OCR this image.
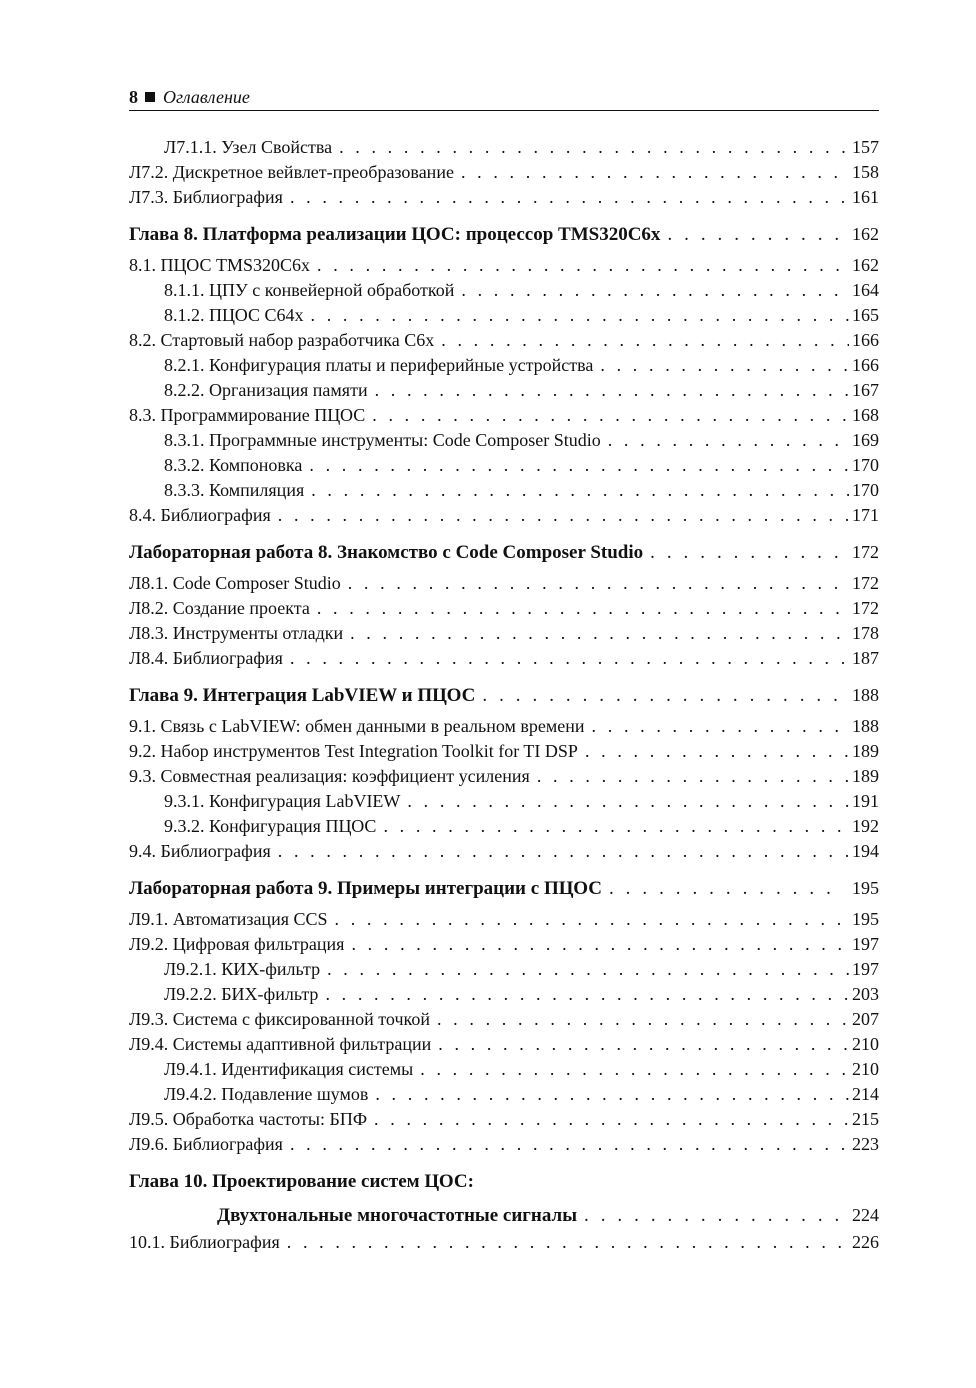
8 Оглавление
Л7.1.1. Узел Свойства . . .	157
Л7.2. Дискретное вейвлет-преобразование . . .	158
Л7.3. Библиография . . .	161
Глава 8. Платформа реализации ЦОС: процессор TMS320C6x . . .	162
8.1. ПЦОС TMS320C6x . . .	162
8.1.1. ЦПУ с конвейерной обработкой . . .	164
8.1.2. ПЦОС C64x . . .	165
8.2. Стартовый набор разработчика C6x . . .	166
8.2.1. Конфигурация платы и периферийные устройства . . .	166
8.2.2. Организация памяти . . .	167
8.3. Программирование ПЦОС . . .	168
8.3.1. Программные инструменты: Code Composer Studio . . .	169
8.3.2. Компоновка . . .	170
8.3.3. Компиляция . . .	170
8.4. Библиография . . .	171
Лабораторная работа 8. Знакомство с Code Composer Studio . . .	172
Л8.1. Code Composer Studio . . .	172
Л8.2. Создание проекта . . .	172
Л8.3. Инструменты отладки . . .	178
Л8.4. Библиография . . .	187
Глава 9. Интеграция LabVIEW и ПЦОС . . .	188
9.1. Связь с LabVIEW: обмен данными в реальном времени . . .	188
9.2. Набор инструментов Test Integration Toolkit for TI DSP . . .	189
9.3. Совместная реализация: коэффициент усиления . . .	189
9.3.1. Конфигурация LabVIEW . . .	191
9.3.2. Конфигурация ПЦОС . . .	192
9.4. Библиография . . .	194
Лабораторная работа 9. Примеры интеграции с ПЦОС . . .	195
Л9.1. Автоматизация CCS . . .	195
Л9.2. Цифровая фильтрация . . .	197
Л9.2.1. КИХ-фильтр . . .	197
Л9.2.2. БИХ-фильтр . . .	203
Л9.3. Система с фиксированной точкой . . .	207
Л9.4. Системы адаптивной фильтрации . . .	210
Л9.4.1. Идентификация системы . . .	210
Л9.4.2. Подавление шумов . . .	214
Л9.5. Обработка частоты: БПФ . . .	215
Л9.6. Библиография . . .	223
Глава 10. Проектирование систем ЦОС:
Двухтональные многочастотные сигналы . . .	224
10.1. Библиография . . .	226
